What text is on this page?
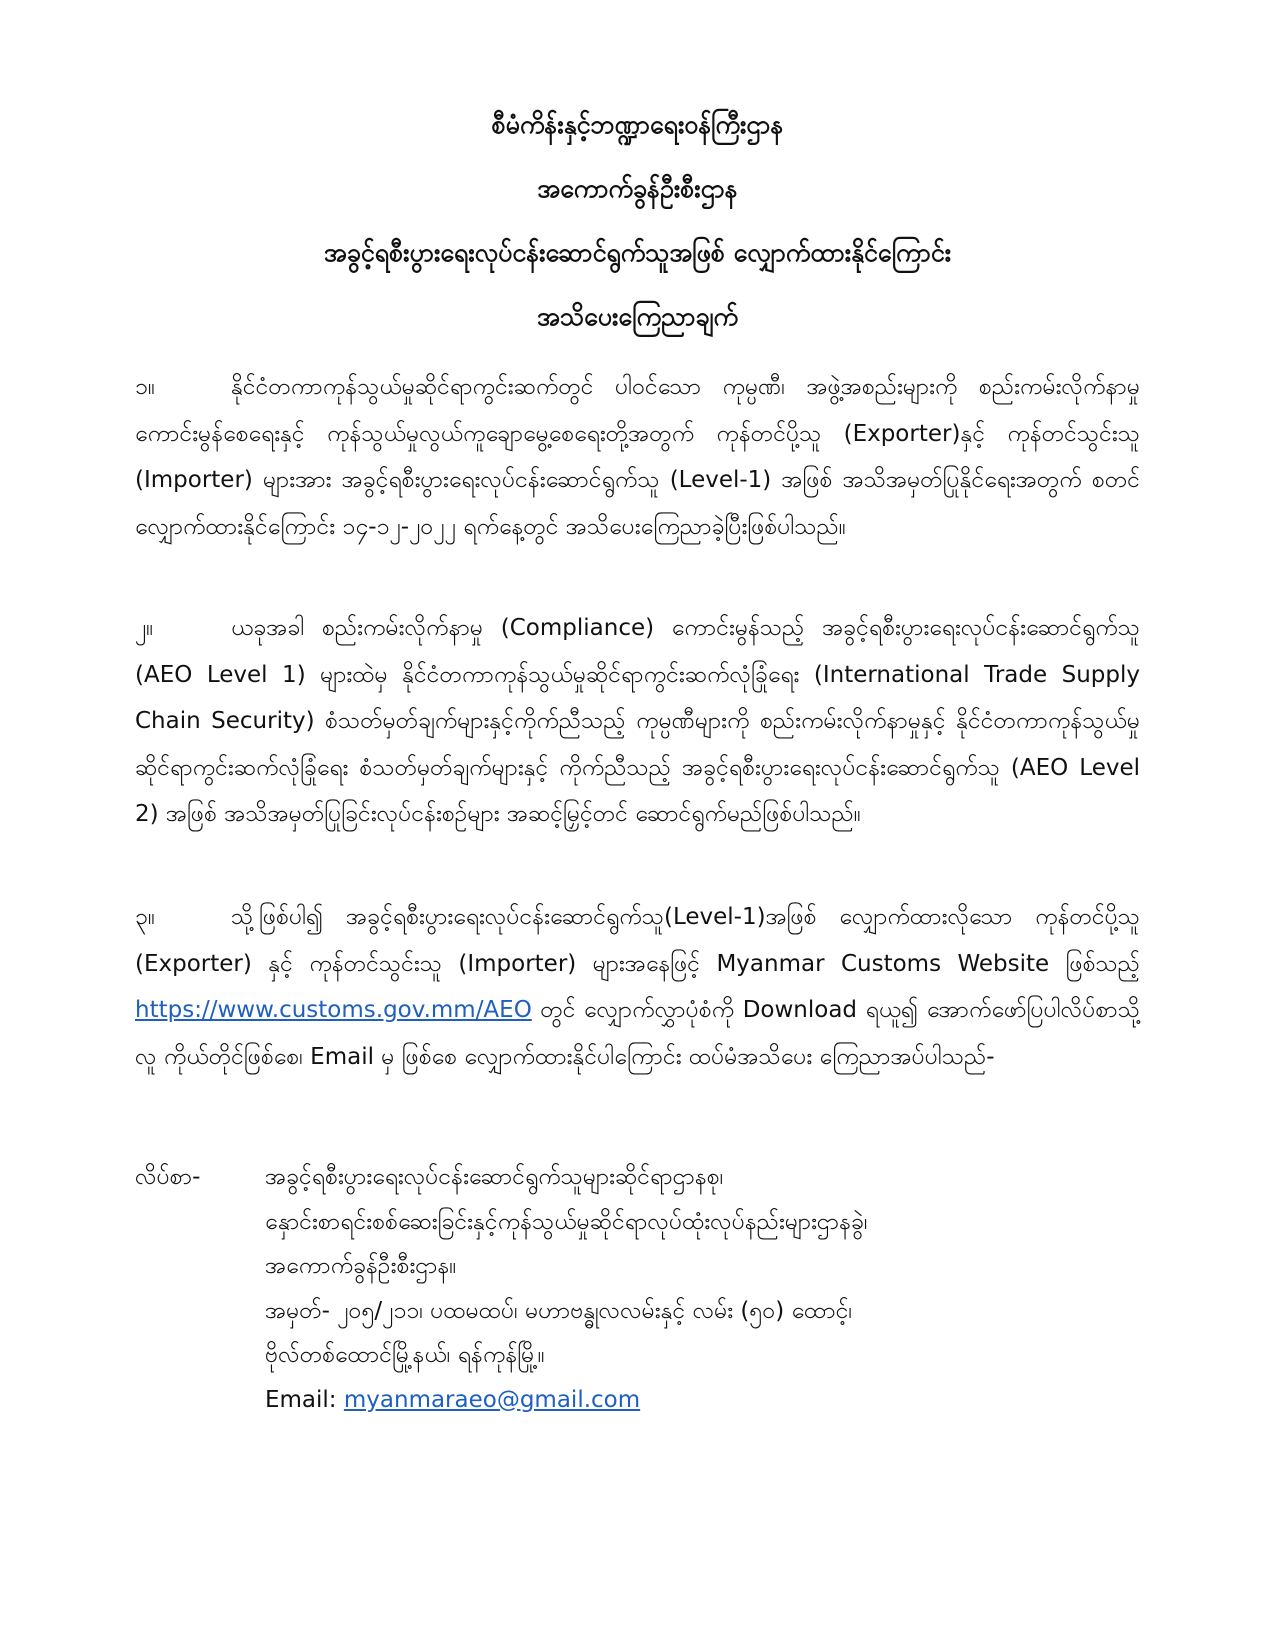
စီမံကိန်းနှင့်ဘဏ္ဍာရေးဝန်ကြီးဌာန
အကောက်ခွန်ဦးစီးဌာန
အခွင့်ရစီးပွားရေးလုပ်ငန်းဆောင်ရွက်သူအဖြစ် လျှောက်ထားနိုင်ကြောင်း
အသိပေးကြေညာချက်
၁။	နိုင်ငံတကာကုန်သွယ်မှုဆိုင်ရာကွင်းဆက်တွင် ပါဝင်သော ကုမ္ပဏီ၊ အဖွဲ့အစည်းများကို စည်းကမ်းလိုက်နာမှုကောင်းမွန်စေရေးနှင့် ကုန်သွယ်မှုလွယ်ကူချောမွေ့စေရေးတို့အတွက် ကုန်တင်ပို့သူ (Exporter)နှင့် ကုန်တင်သွင်းသူ (Importer) များအား အခွင့်ရစီးပွားရေးလုပ်ငန်းဆောင်ရွက်သူ (Level-1) အဖြစ် အသိအမှတ်ပြုနိုင်ရေးအတွက် စတင်လျှောက်ထားနိုင်ကြောင်း ၁၄-၁၂-၂၀၂၂ ရက်နေ့တွင် အသိပေးကြေညာခဲ့ပြီးဖြစ်ပါသည်။
၂။	ယခုအခါ စည်းကမ်းလိုက်နာမှု (Compliance) ကောင်းမွန်သည့် အခွင့်ရစီးပွားရေးလုပ်ငန်းဆောင်ရွက်သူ (AEO Level 1) များထဲမှ နိုင်ငံတကာကုန်သွယ်မှုဆိုင်ရာကွင်းဆက်လုံခြုံရေး (International Trade Supply Chain Security) စံသတ်မှတ်ချက်များနှင့်ကိုက်ညီသည့် ကုမ္ပဏီများကို စည်းကမ်းလိုက်နာမှုနှင့် နိုင်ငံတကာကုန်သွယ်မှုဆိုင်ရာကွင်းဆက်လုံခြုံရေး စံသတ်မှတ်ချက်များနှင့် ကိုက်ညီသည့် အခွင့်ရစီးပွားရေးလုပ်ငန်းဆောင်ရွက်သူ (AEO Level 2) အဖြစ် အသိအမှတ်ပြုခြင်းလုပ်ငန်းစဉ်များ အဆင့်မြှင့်တင် ဆောင်ရွက်မည်ဖြစ်ပါသည်။
၃။	သို့ဖြစ်ပါ၍ အခွင့်ရစီးပွားရေးလုပ်ငန်းဆောင်ရွက်သူ(Level-1)အဖြစ် လျှောက်ထားလိုသော ကုန်တင်ပို့သူ (Exporter) နှင့် ကုန်တင်သွင်းသူ (Importer) များအနေဖြင့် Myanmar Customs Website ဖြစ်သည့် https://www.customs.gov.mm/AEO တွင် လျှောက်လွှာပုံစံကို Download ရယူ၍ အောက်ဖော်ပြပါလိပ်စာသို့ လူ ကိုယ်တိုင်ဖြစ်စေ၊ Email မှ ဖြစ်စေ လျှောက်ထားနိုင်ပါကြောင်း ထပ်မံအသိပေး ကြေညာအပ်ပါသည်-
လိပ်စာ-	အခွင့်ရစီးပွားရေးလုပ်ငန်းဆောင်ရွက်သူများဆိုင်ရာဌာနစု၊
နှောင်းစာရင်းစစ်ဆေးခြင်းနှင့်ကုန်သွယ်မှုဆိုင်ရာလုပ်ထုံးလုပ်နည်းများဌာနခွဲ၊
အကောက်ခွန်ဦးစီးဌာန။
အမှတ်- ၂၀၅/၂၁၁၊ ပထမထပ်၊ မဟာဗန္ဓုလလမ်းနှင့် လမ်း (၅၀) ထောင့်၊
ဗိုလ်တစ်ထောင်မြို့နယ်၊ ရန်ကုန်မြို့။
Email: myanmaraeo@gmail.com
